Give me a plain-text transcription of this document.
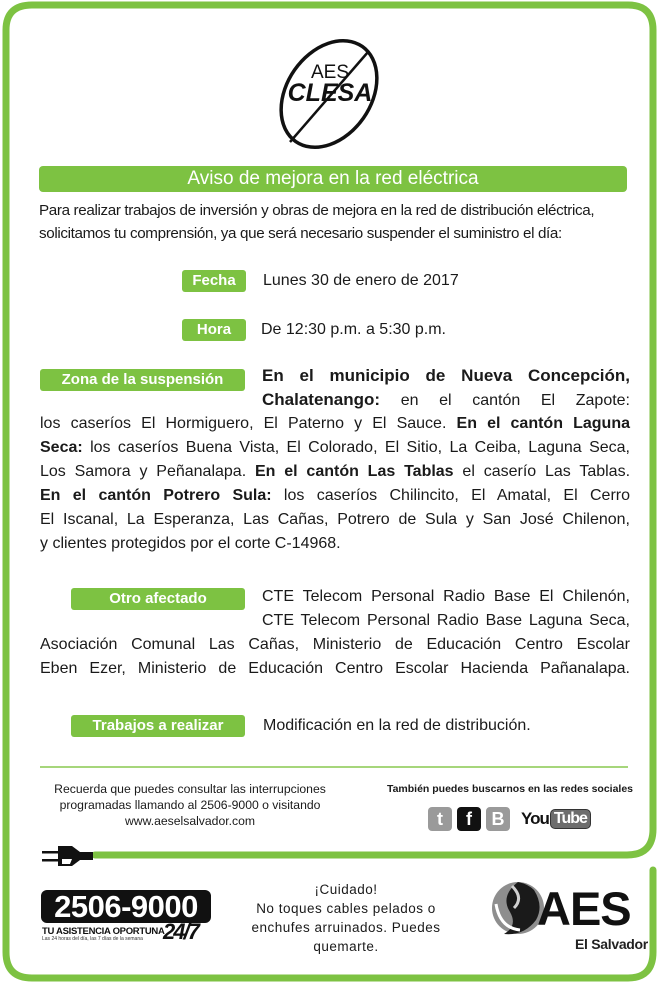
AES
CLESA
Aviso de mejora en la red eléctrica
Para realizar trabajos de inversión y obras de mejora en la red de distribución eléctrica,
solicitamos tu comprensión, ya que será necesario suspender el suministro el día:
Fecha	Lunes 30 de enero de 2017
Hora	De 12:30 p.m. a 5:30 p.m.
Zona de la suspensión	En el municipio de Nueva Concepción,
Chalatenango: en el cantón El Zapote:
los caseríos El Hormiguero, El Paterno y El Sauce. En el cantón Laguna
Seca: los caseríos Buena Vista, El Colorado, El Sitio, La Ceiba, Laguna Seca,
Los Samora y Peñanalapa. En el cantón Las Tablas el caserío Las Tablas.
En el cantón Potrero Sula: los caseríos Chilincito, El Amatal, El Cerro
El Iscanal, La Esperanza, Las Cañas, Potrero de Sula y San José Chilenon,
y clientes protegidos por el corte C-14968.
Otro afectado	CTE Telecom Personal Radio Base El Chilenón,
CTE Telecom Personal Radio Base Laguna Seca,
Asociación Comunal Las Cañas, Ministerio de Educación Centro Escolar
Eben Ezer, Ministerio de Educación Centro Escolar Hacienda Pañanalapa.
Trabajos a realizar	Modificación en la red de distribución.
Recuerda que puedes consultar las interrupciones
programadas llamando al 2506-9000 o visitando
www.aeselsalvador.com
También puedes buscarnos en las redes sociales
t f B You Tube
2506-9000
TU ASISTENCIA OPORTUNA
Las 24 horas del día, las 7 días de la semana 24/7
¡Cuidado!
No toques cables pelados o
enchufes arruinados. Puedes
quemarte.
AES
El Salvador
